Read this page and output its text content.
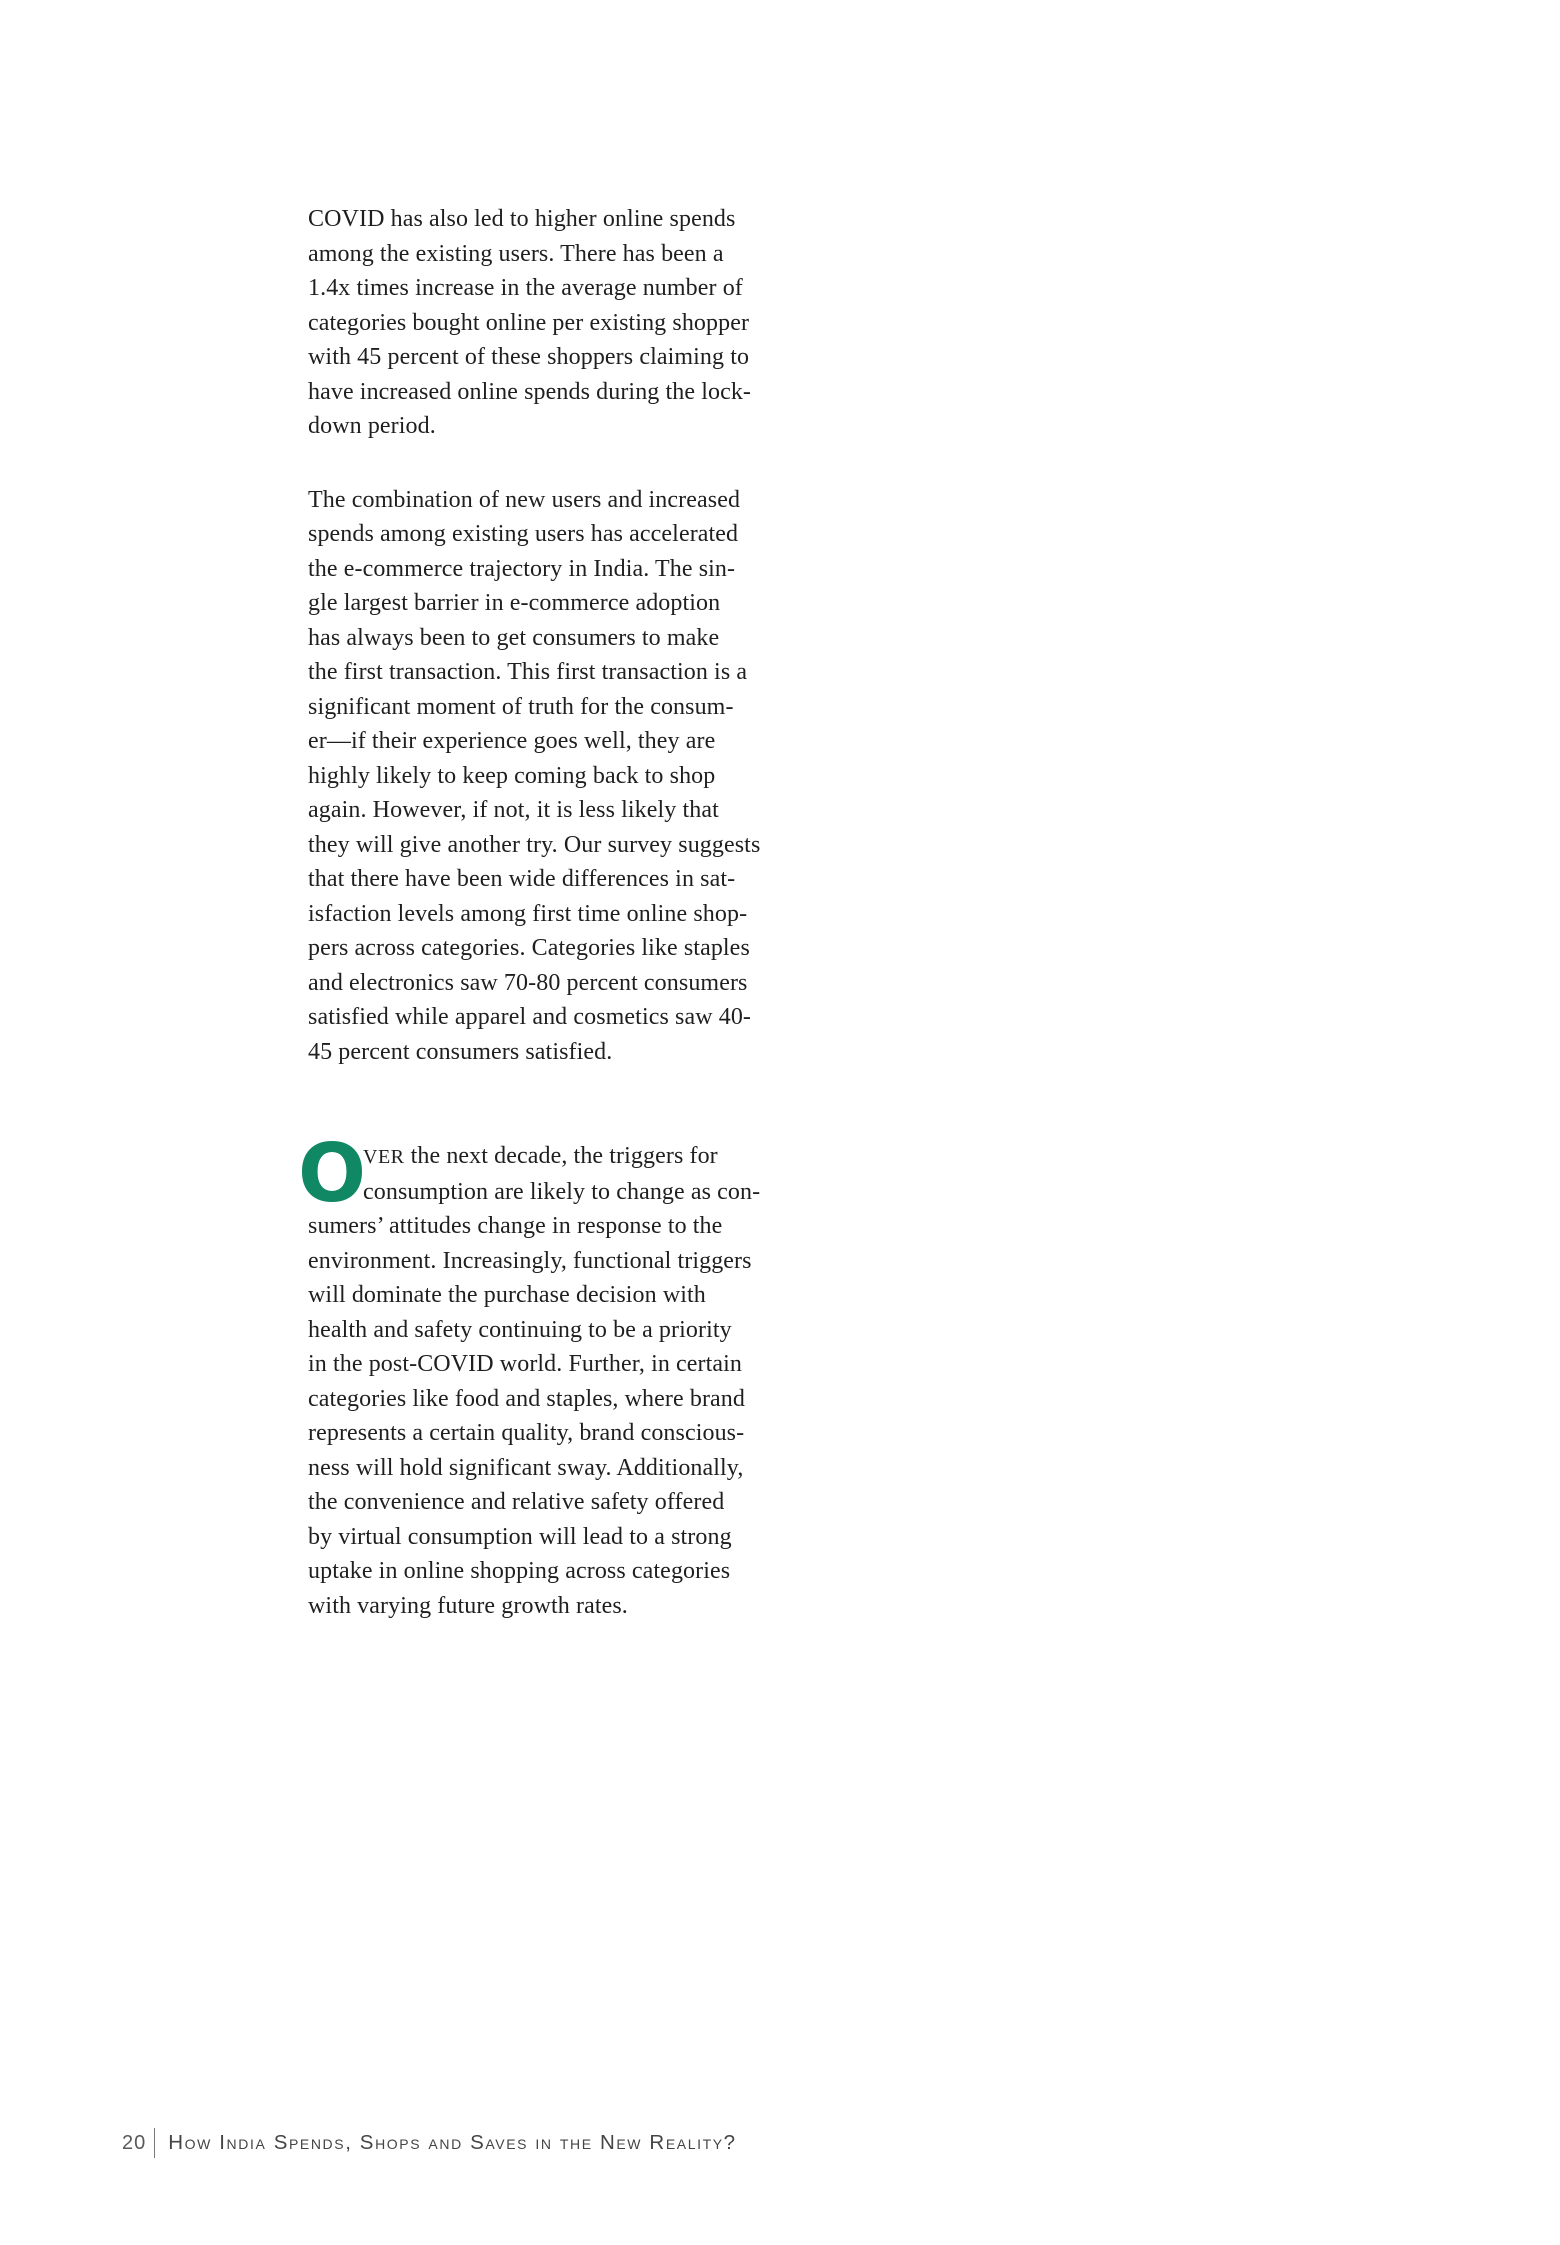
COVID has also led to higher online spends
among the existing users. There has been a
1.4x times increase in the average number of
categories bought online per existing shopper
with 45 percent of these shoppers claiming to
have increased online spends during the lock-
down period.
The combination of new users and increased
spends among existing users has accelerated
the e-commerce trajectory in India. The sin-
gle largest barrier in e-commerce adoption
has always been to get consumers to make
the first transaction. This first transaction is a
significant moment of truth for the consum-
er—if their experience goes well, they are
highly likely to keep coming back to shop
again. However, if not, it is less likely that
they will give another try. Our survey suggests
that there have been wide differences in sat-
isfaction levels among first time online shop-
pers across categories. Categories like staples
and electronics saw 70-80 percent consumers
satisfied while apparel and cosmetics saw 40-
45 percent consumers satisfied.
O
VER the next decade, the triggers for
consumption are likely to change as con-
sumers’ attitudes change in response to the
environment. Increasingly, functional triggers
will dominate the purchase decision with
health and safety continuing to be a priority
in the post-COVID world. Further, in certain
categories like food and staples, where brand
represents a certain quality, brand conscious-
ness will hold significant sway. Additionally,
the convenience and relative safety offered
by virtual consumption will lead to a strong
uptake in online shopping across categories
with varying future growth rates.
20 How India Spends, Shops and Saves in the New Reality?
